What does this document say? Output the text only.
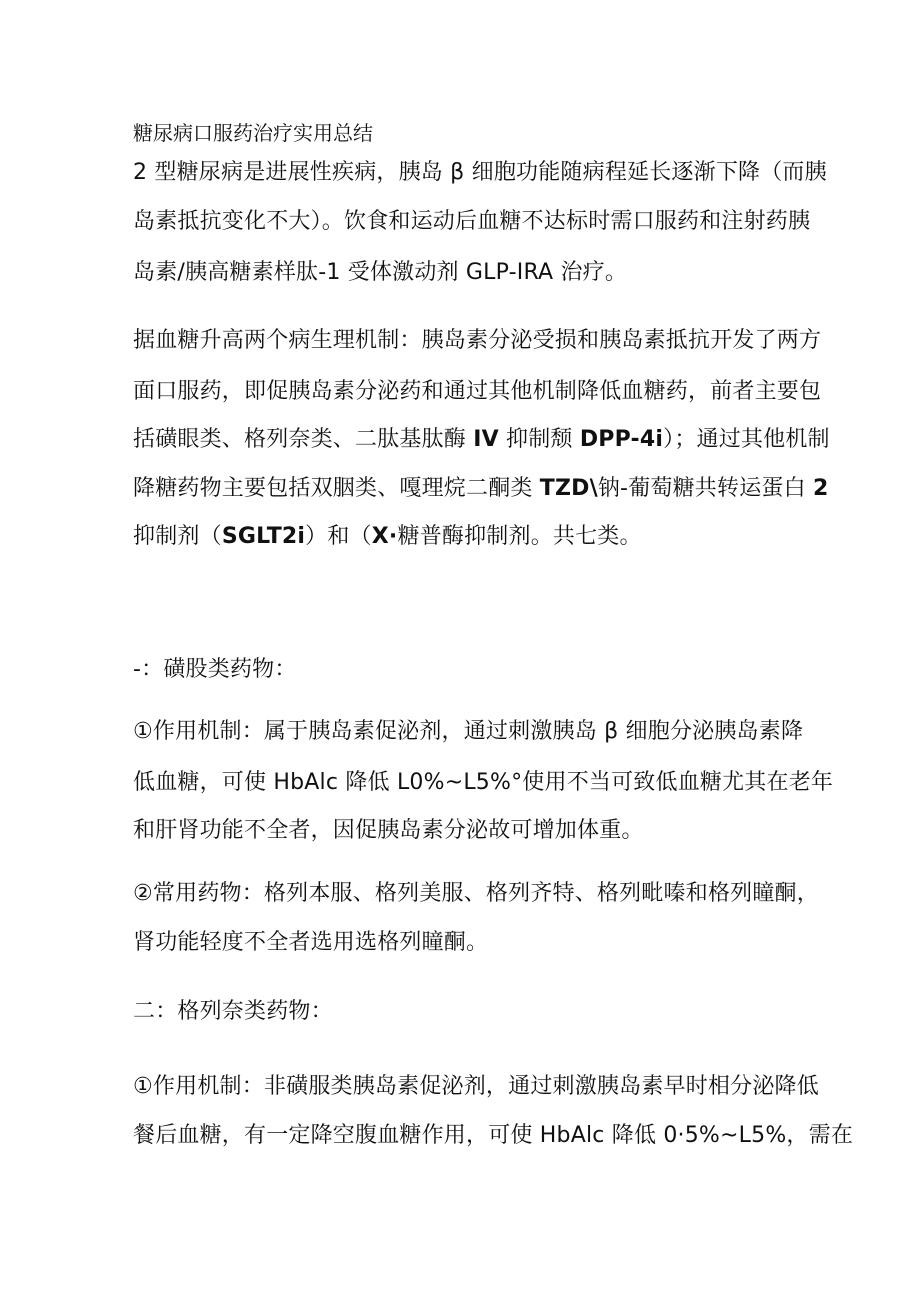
糖尿病口服药治疗实用总结
2 型糖尿病是进展性疾病，胰岛 β 细胞功能随病程延长逐渐下降（而胰
岛素抵抗变化不大）。饮食和运动后血糖不达标时需口服药和注射药胰
岛素/胰高糖素样肽-1 受体激动剂 GLP-IRA 治疗。
据血糖升高两个病生理机制：胰岛素分泌受损和胰岛素抵抗开发了两方
面口服药，即促胰岛素分泌药和通过其他机制降低血糖药，前者主要包
括磺眼类、格列奈类、二肽基肽酶 IV 抑制颓 DPP-4i）；通过其他机制
降糖药物主要包括双胭类、嘎理烷二酮类 TZD\钠-葡萄糖共转运蛋白 2
抑制剂（SGLT2i）和（X·糖普酶抑制剂。共七类。
-：磺股类药物：
①作用机制：属于胰岛素促泌剂，通过刺激胰岛 β 细胞分泌胰岛素降
低血糖，可使 HbAlc 降低 L0%~L5%°使用不当可致低血糖尤其在老年
和肝肾功能不全者，因促胰岛素分泌故可增加体重。
②常用药物：格列本服、格列美服、格列齐特、格列毗嗪和格列瞳酮，
肾功能轻度不全者选用选格列瞳酮。
二：格列奈类药物：
①作用机制：非磺服类胰岛素促泌剂，通过刺激胰岛素早时相分泌降低
餐后血糖，有一定降空腹血糖作用，可使 HbAlc 降低 0·5%~L5%，需在
